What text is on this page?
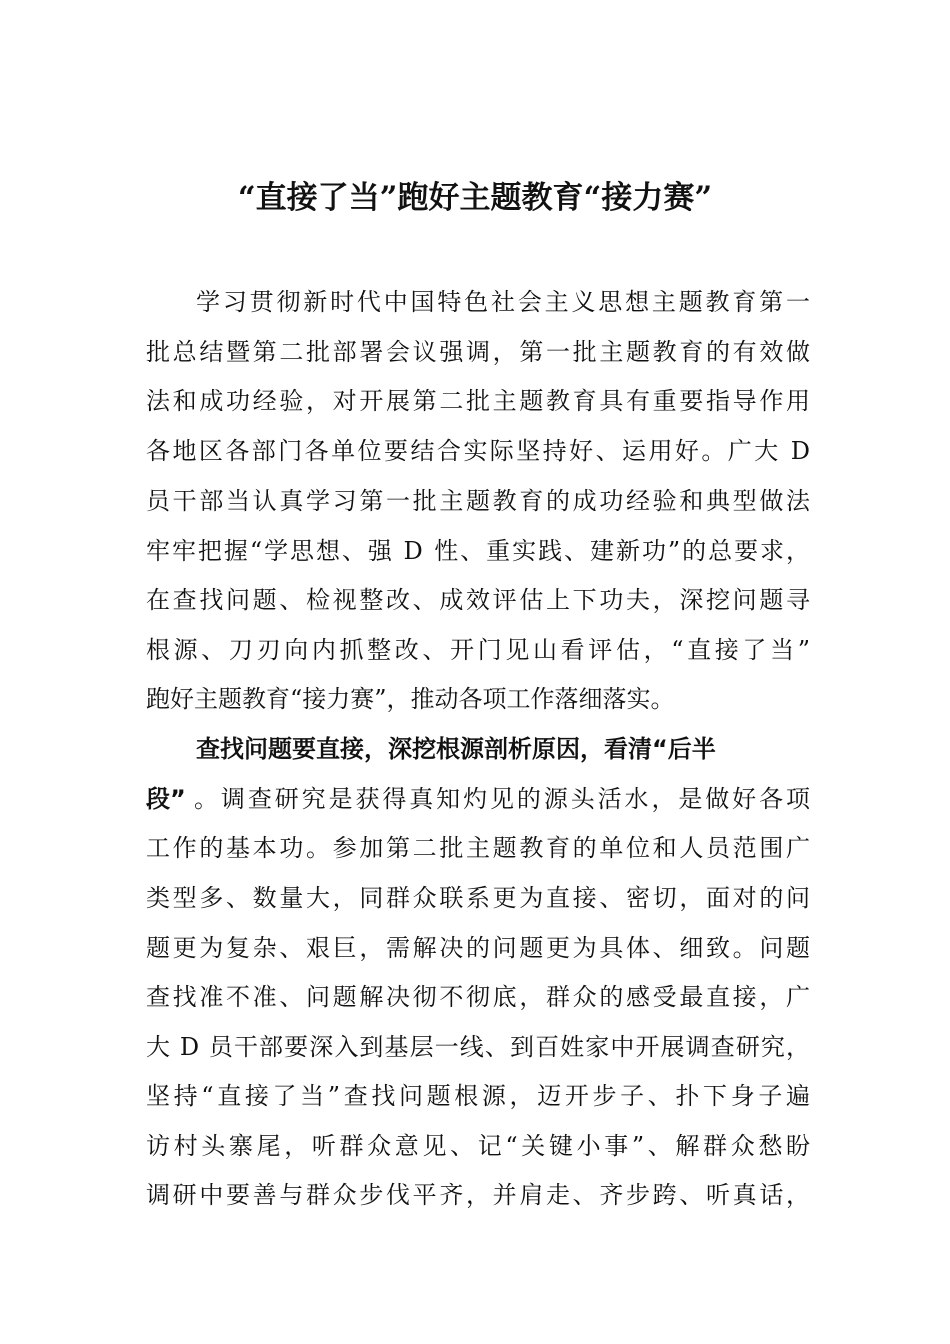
“直接了当”跑好主题教育“接力赛”
学习贯彻新时代中国特色社会主义思想主题教育第一
批总结暨第二批部署会议强调，第一批主题教育的有效做
法和成功经验，对开展第二批主题教育具有重要指导作用
各地区各部门各单位要结合实际坚持好、运用好。广大 D
员干部当认真学习第一批主题教育的成功经验和典型做法
牢牢把握“学思想、强 D 性、重实践、建新功”的总要求，
在查找问题、检视整改、成效评估上下功夫，深挖问题寻
根源、刀刃向内抓整改、开门见山看评估，“直接了当”
跑好主题教育“接力赛”，推动各项工作落细落实。
查找问题要直接，深挖根源剖析原因，看清“后半
段” 。调查研究是获得真知灼见的源头活水，是做好各项
工作的基本功。参加第二批主题教育的单位和人员范围广
类型多、数量大，同群众联系更为直接、密切，面对的问
题更为复杂、艰巨，需解决的问题更为具体、细致。问题
查找准不准、问题解决彻不彻底，群众的感受最直接，广
大 D 员干部要深入到基层一线、到百姓家中开展调查研究，
坚持“直接了当”查找问题根源，迈开步子、扑下身子遍
访村头寨尾，听群众意见、记“关键小事”、解群众愁盼
调研中要善与群众步伐平齐，并肩走、齐步跨、听真话，
